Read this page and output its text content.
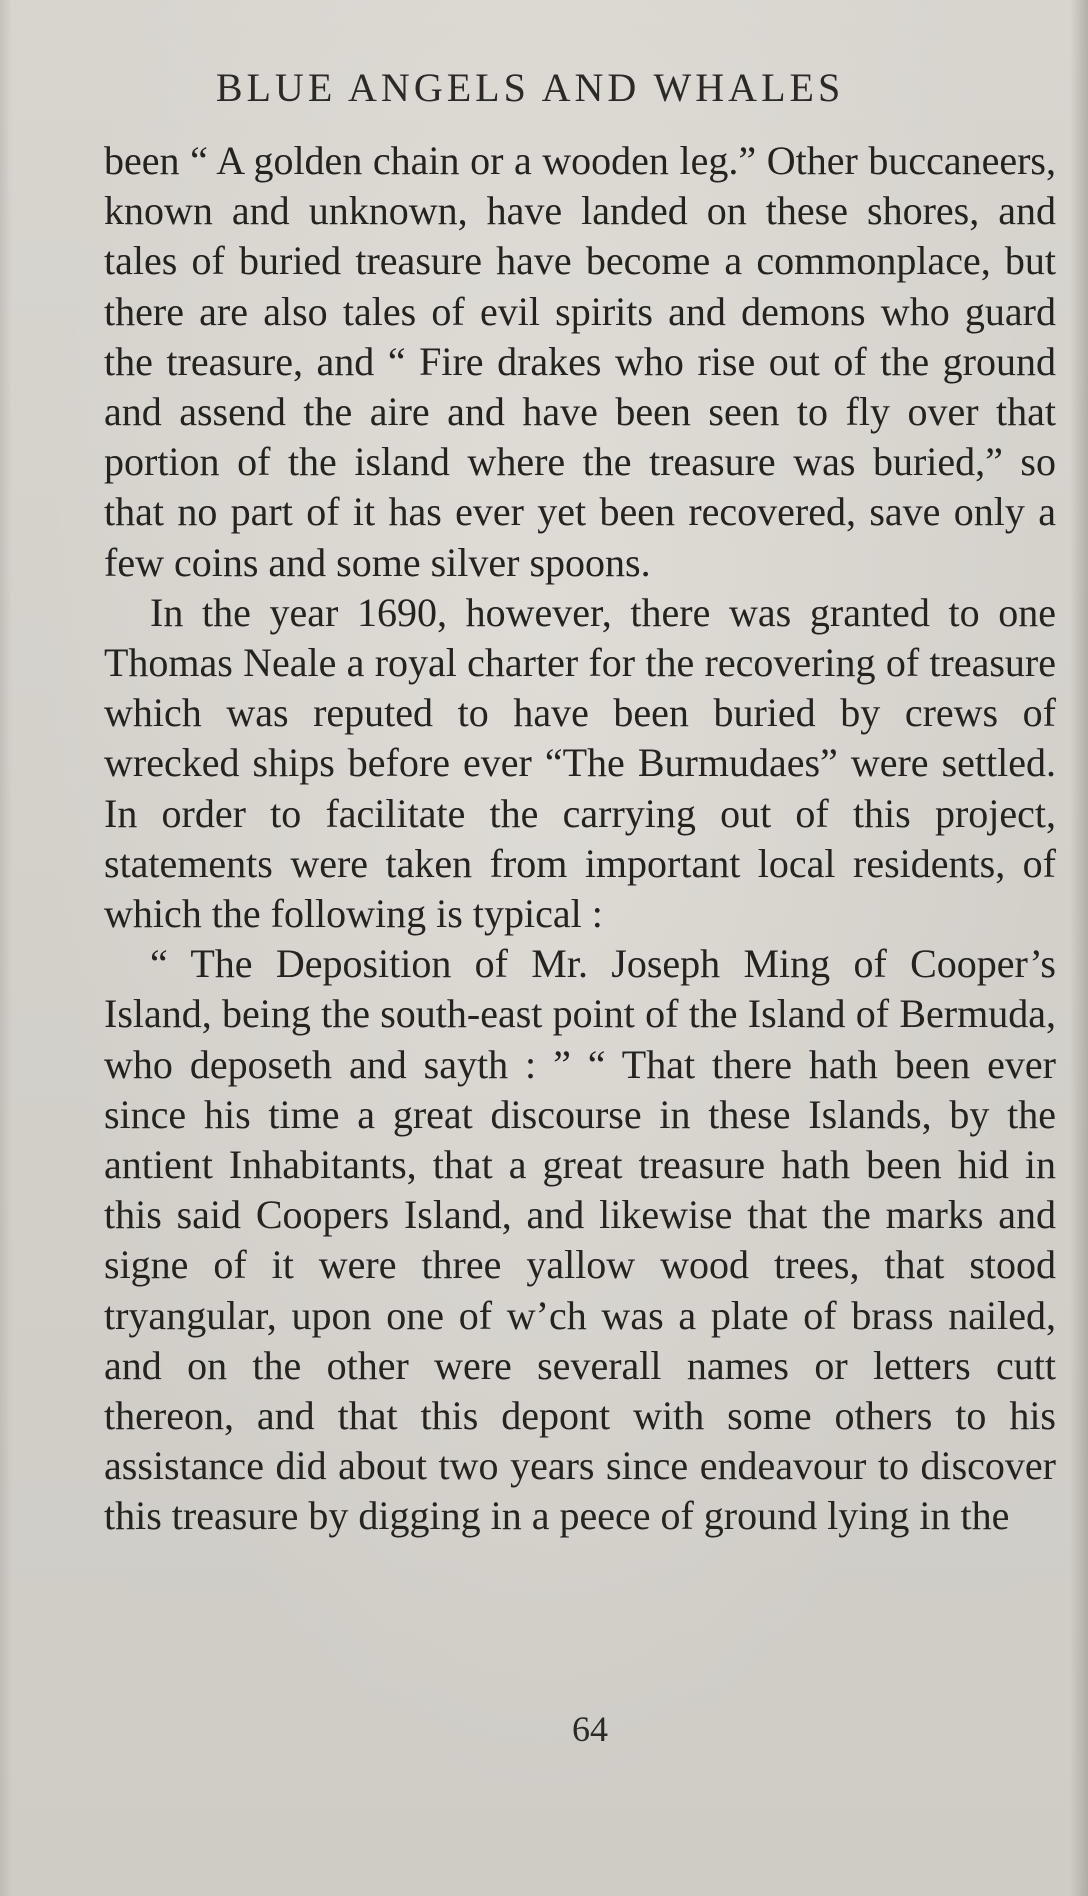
BLUE ANGELS AND WHALES

been “ A golden chain or a wooden leg.” Other buccaneers, known and unknown, have landed on these shores, and tales of buried treasure have become a commonplace, but there are also tales of evil spirits and demons who guard the treasure, and “ Fire drakes who rise out of the ground and assend the aire and have been seen to fly over that portion of the island where the treasure was buried,” so that no part of it has ever yet been recovered, save only a few coins and some silver spoons.

In the year 1690, however, there was granted to one Thomas Neale a royal charter for the recovering of treasure which was reputed to have been buried by crews of wrecked ships before ever “The Burmudaes” were settled. In order to facilitate the carrying out of this project, statements were taken from important local residents, of which the following is typical :

“ The Deposition of Mr. Joseph Ming of Cooper’s Island, being the south-east point of the Island of Bermuda, who deposeth and sayth : ” “ That there hath been ever since his time a great discourse in these Islands, by the antient Inhabitants, that a great treasure hath been hid in this said Coopers Island, and likewise that the marks and signe of it were three yallow wood trees, that stood tryangular, upon one of w’ch was a plate of brass nailed, and on the other were severall names or letters cutt thereon, and that this depont with some others to his assistance did about two years since endeavour to discover this treasure by digging in a peece of ground lying in the

64
